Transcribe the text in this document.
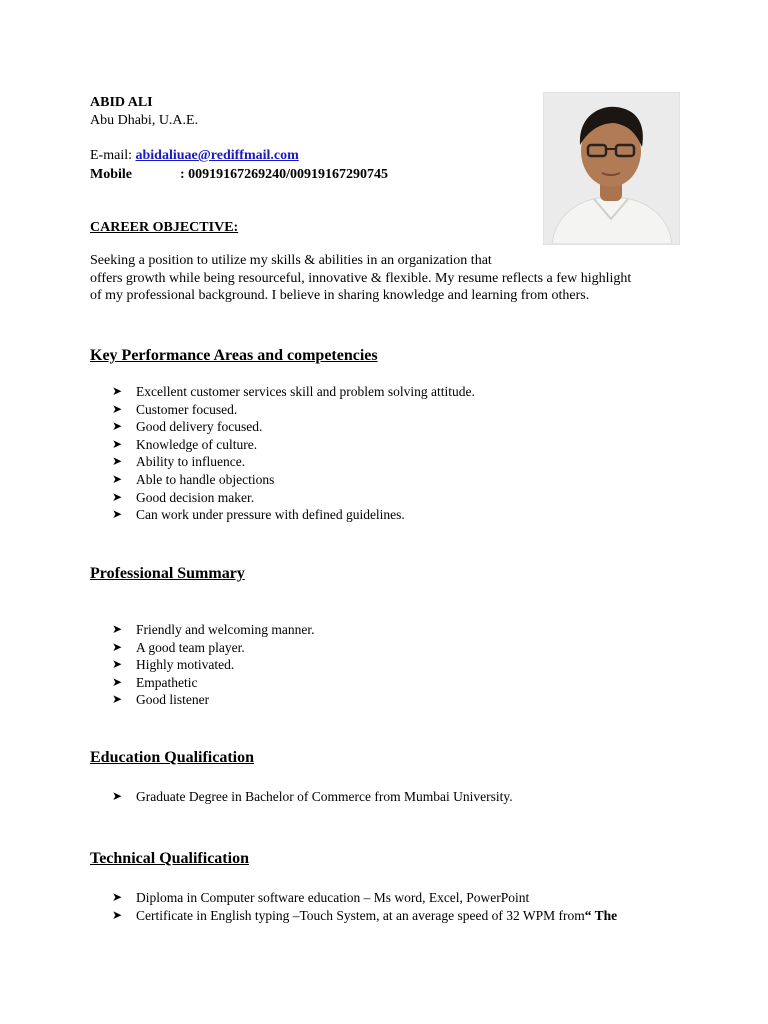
ABID ALI
Abu Dhabi, U.A.E.
E-mail: abidaliuae@rediffmail.com
Mobile	: 00919167269240/00919167290745
CAREER OBJECTIVE:
Seeking a position to utilize my skills & abilities in an organization that
offers growth while being resourceful, innovative & flexible. My resume reflects a few highlight
of my professional background. I believe in sharing knowledge and learning from others.
Key Performance Areas and competencies
➤	Excellent customer services skill and problem solving attitude.
➤	Customer focused.
➤	Good delivery focused.
➤	Knowledge of culture.
➤	Ability to influence.
➤	Able to handle objections
➤	Good decision maker.
➤	Can work under pressure with defined guidelines.
Professional Summary
➤	Friendly and welcoming manner.
➤	A good team player.
➤	Highly motivated.
➤	Empathetic
➤	Good listener
Education Qualification
➤	Graduate Degree in Bachelor of Commerce from Mumbai University.
Technical Qualification
➤	Diploma in Computer software education – Ms word, Excel, PowerPoint
➤	Certificate in English typing –Touch System, at an average speed of 32 WPM from “ The
